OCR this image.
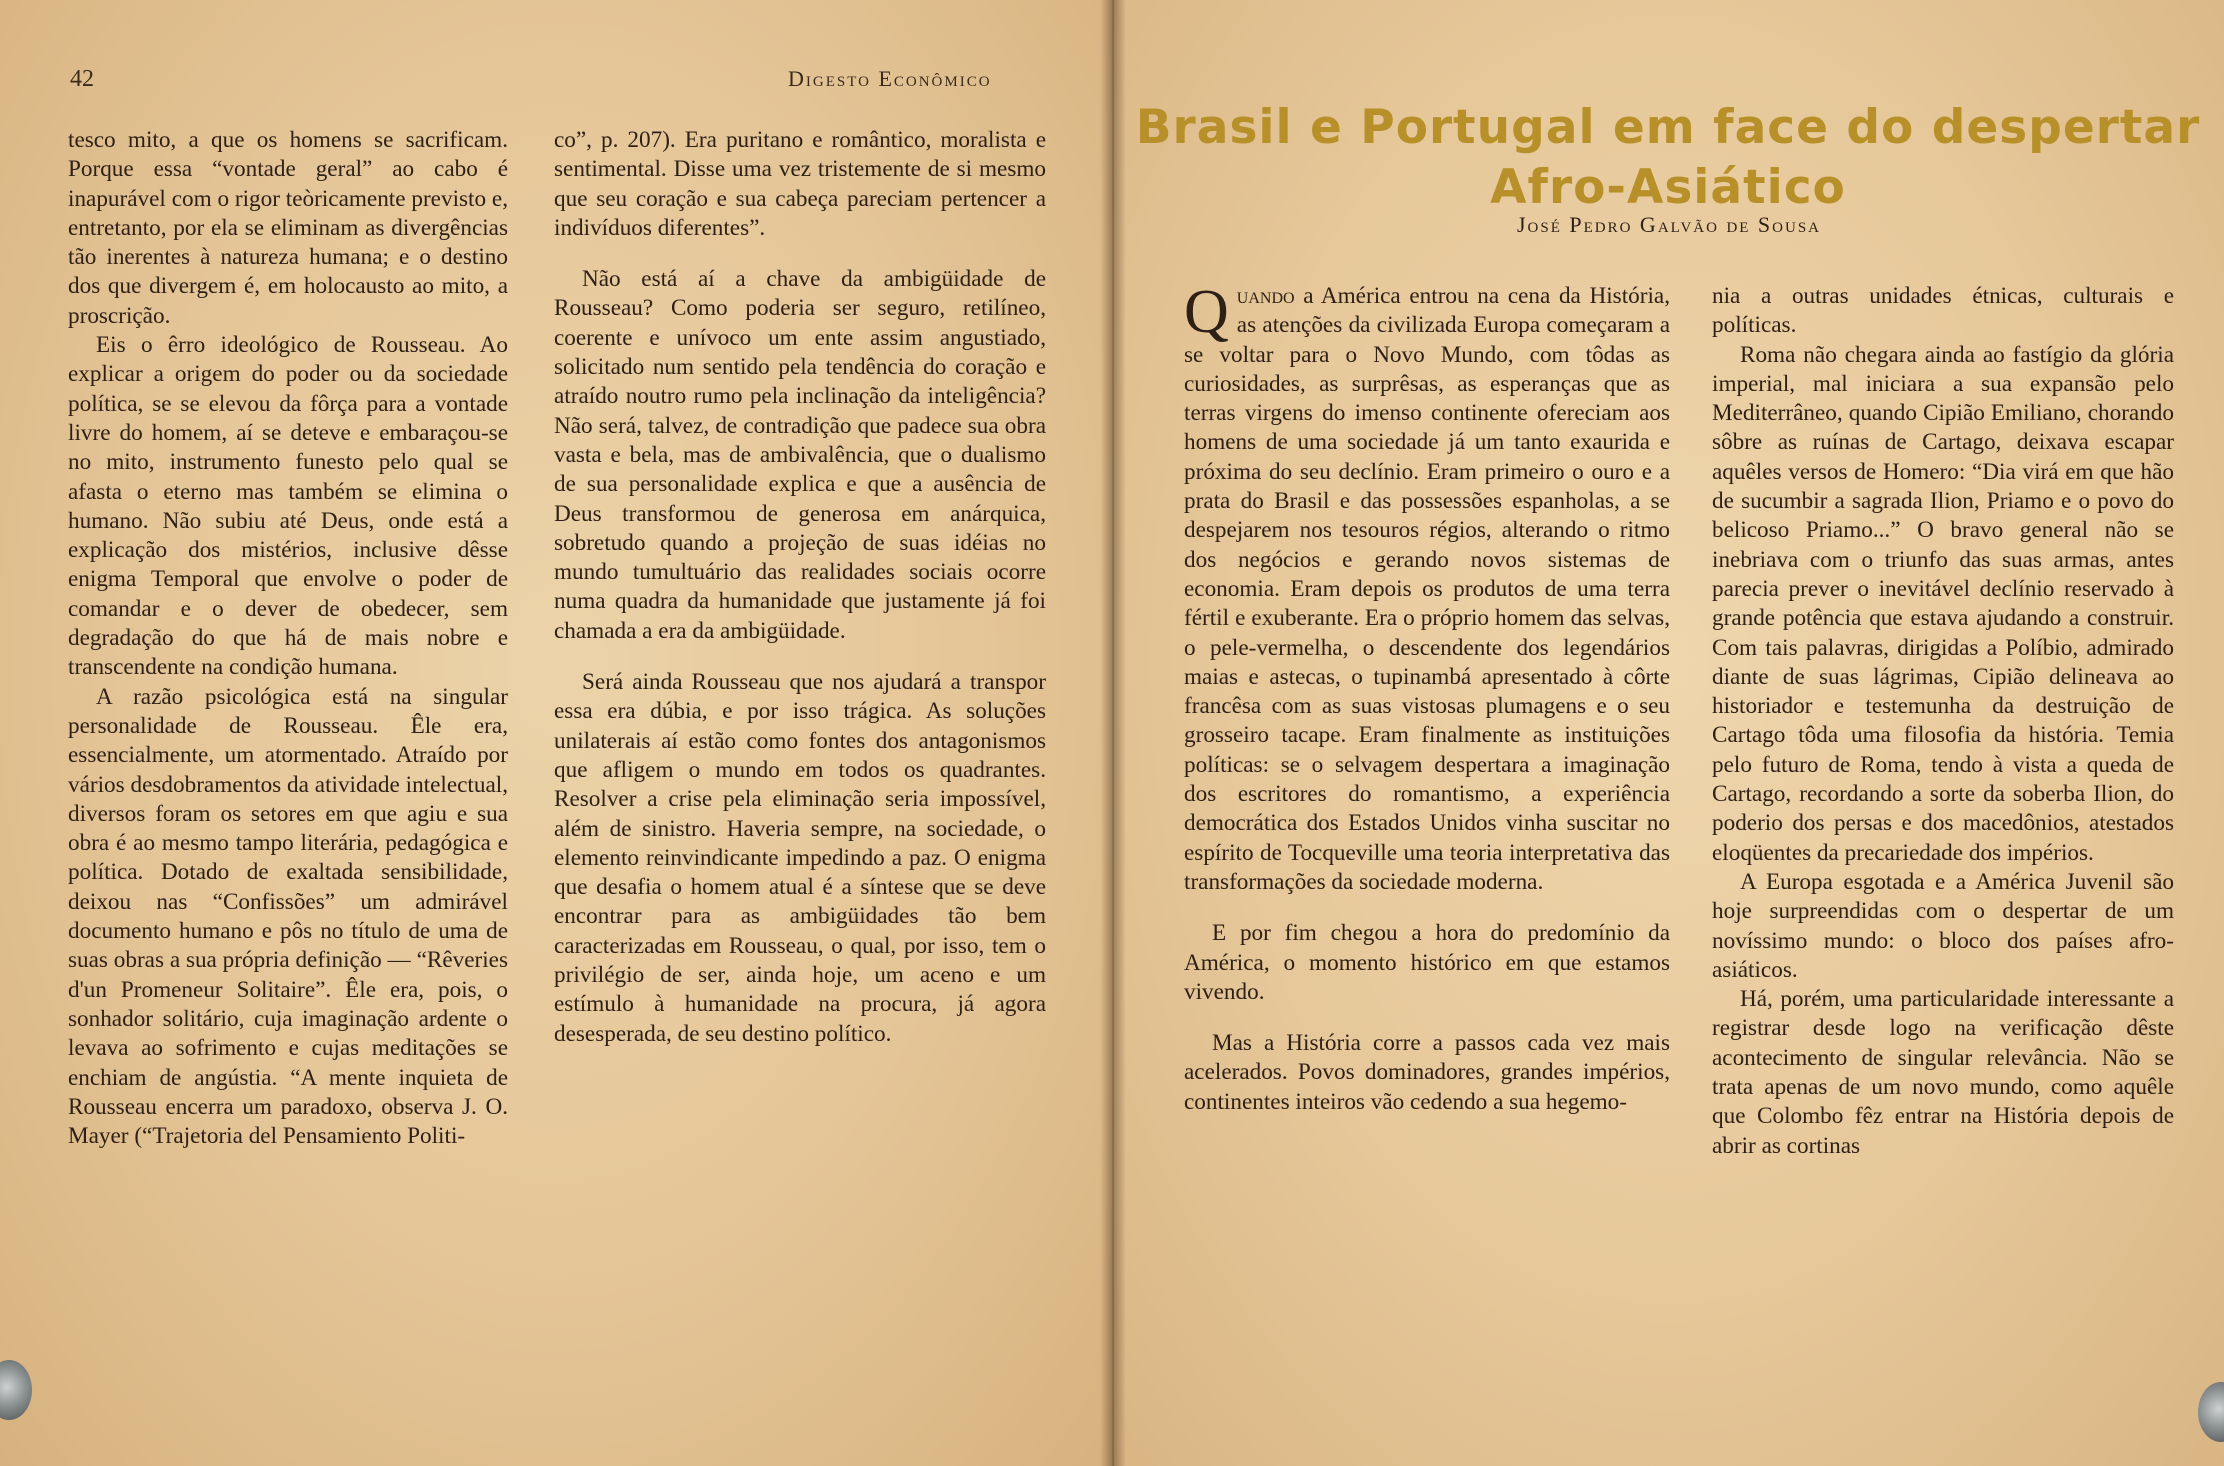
42	Digesto Econômico

tesco mito, a que os homens se sacrificam. Porque essa “vontade geral” ao cabo é inapurável com o rigor teòricamente previsto e, entretanto, por ela se eliminam as divergências tão inerentes à natureza humana; e o destino dos que divergem é, em holocausto ao mito, a proscrição.

Eis o êrro ideológico de Rousseau. Ao explicar a origem do poder ou da sociedade política, se se elevou da fôrça para a vontade livre do homem, aí se deteve e embaraçou-se no mito, instrumento funesto pelo qual se afasta o eterno mas também se elimina o humano. Não subiu até Deus, onde está a explicação dos mistérios, inclusive dêsse enigma Temporal que envolve o poder de comandar e o dever de obedecer, sem degradação do que há de mais nobre e transcendente na condição humana.

A razão psicológica está na singular personalidade de Rousseau. Êle era, essencialmente, um atormentado. Atraído por vários desdobramentos da atividade intelectual, diversos foram os setores em que agiu e sua obra é ao mesmo tampo literária, pedagógica e política. Dotado de exaltada sensibilidade, deixou nas “Confissões” um admirável documento humano e pôs no título de uma de suas obras a sua própria definição — “Rêveries d'un Promeneur Solitaire”. Êle era, pois, o sonhador solitário, cuja imaginação ardente o levava ao sofrimento e cujas meditações se enchiam de angústia. “A mente inquieta de Rousseau encerra um paradoxo, observa J. O. Mayer (“Trajetoria del Pensamiento Politi-

co”, p. 207). Era puritano e romântico, moralista e sentimental. Disse uma vez tristemente de si mesmo que seu coração e sua cabeça pareciam pertencer a indivíduos diferentes”.

Não está aí a chave da ambigüidade de Rousseau? Como poderia ser seguro, retilíneo, coerente e unívoco um ente assim angustiado, solicitado num sentido pela tendência do coração e atraído noutro rumo pela inclinação da inteligência? Não será, talvez, de contradição que padece sua obra vasta e bela, mas de ambivalência, que o dualismo de sua personalidade explica e que a ausência de Deus transformou de generosa em anárquica, sobretudo quando a projeção de suas idéias no mundo tumultuário das realidades sociais ocorre numa quadra da humanidade que justamente já foi chamada a era da ambigüidade.

Será ainda Rousseau que nos ajudará a transpor essa era dúbia, e por isso trágica. As soluções unilaterais aí estão como fontes dos antagonismos que afligem o mundo em todos os quadrantes. Resolver a crise pela eliminação seria impossível, além de sinistro. Haveria sempre, na sociedade, o elemento reinvindicante impedindo a paz. O enigma que desafia o homem atual é a síntese que se deve encontrar para as ambigüidades tão bem caracterizadas em Rousseau, o qual, por isso, tem o privilégio de ser, ainda hoje, um aceno e um estímulo à humanidade na procura, já agora desesperada, de seu destino político.

Brasil e Portugal em face do despertar Afro-Asiático
José Pedro Galvão de Sousa

Quando a América entrou na cena da História, as atenções da civilizada Europa começaram a se voltar para o Novo Mundo, com tôdas as curiosidades, as surprêsas, as esperanças que as terras virgens do imenso continente ofereciam aos homens de uma sociedade já um tanto exaurida e próxima do seu declínio. Eram primeiro o ouro e a prata do Brasil e das possessões espanholas, a se despejarem nos tesouros régios, alterando o ritmo dos negócios e gerando novos sistemas de economia. Eram depois os produtos de uma terra fértil e exuberante. Era o próprio homem das selvas, o pele-vermelha, o descendente dos legendários maias e astecas, o tupinambá apresentado à côrte francêsa com as suas vistosas plumagens e o seu grosseiro tacape. Eram finalmente as instituições políticas: se o selvagem despertara a imaginação dos escritores do romantismo, a experiência democrática dos Estados Unidos vinha suscitar no espírito de Tocqueville uma teoria interpretativa das transformações da sociedade moderna.

E por fim chegou a hora do predomínio da América, o momento histórico em que estamos vivendo.

Mas a História corre a passos cada vez mais acelerados. Povos dominadores, grandes impérios, continentes inteiros vão cedendo a sua hegemo-

nia a outras unidades étnicas, culturais e políticas.

Roma não chegara ainda ao fastígio da glória imperial, mal iniciara a sua expansão pelo Mediterrâneo, quando Cipião Emiliano, chorando sôbre as ruínas de Cartago, deixava escapar aquêles versos de Homero: “Dia virá em que hão de sucumbir a sagrada Ilion, Priamo e o povo do belicoso Priamo...” O bravo general não se inebriava com o triunfo das suas armas, antes parecia prever o inevitável declínio reservado à grande potência que estava ajudando a construir. Com tais palavras, dirigidas a Políbio, admirado diante de suas lágrimas, Cipião delineava ao historiador e testemunha da destruição de Cartago tôda uma filosofia da história. Temia pelo futuro de Roma, tendo à vista a queda de Cartago, recordando a sorte da soberba Ilion, do poderio dos persas e dos macedônios, atestados eloqüentes da precariedade dos impérios.

A Europa esgotada e a América Juvenil são hoje surpreendidas com o despertar de um novíssimo mundo: o bloco dos países afro-asiáticos.

Há, porém, uma particularidade interessante a registrar desde logo na verificação dêste acontecimento de singular relevância. Não se trata apenas de um novo mundo, como aquêle que Colombo fêz entrar na História depois de abrir as cortinas
